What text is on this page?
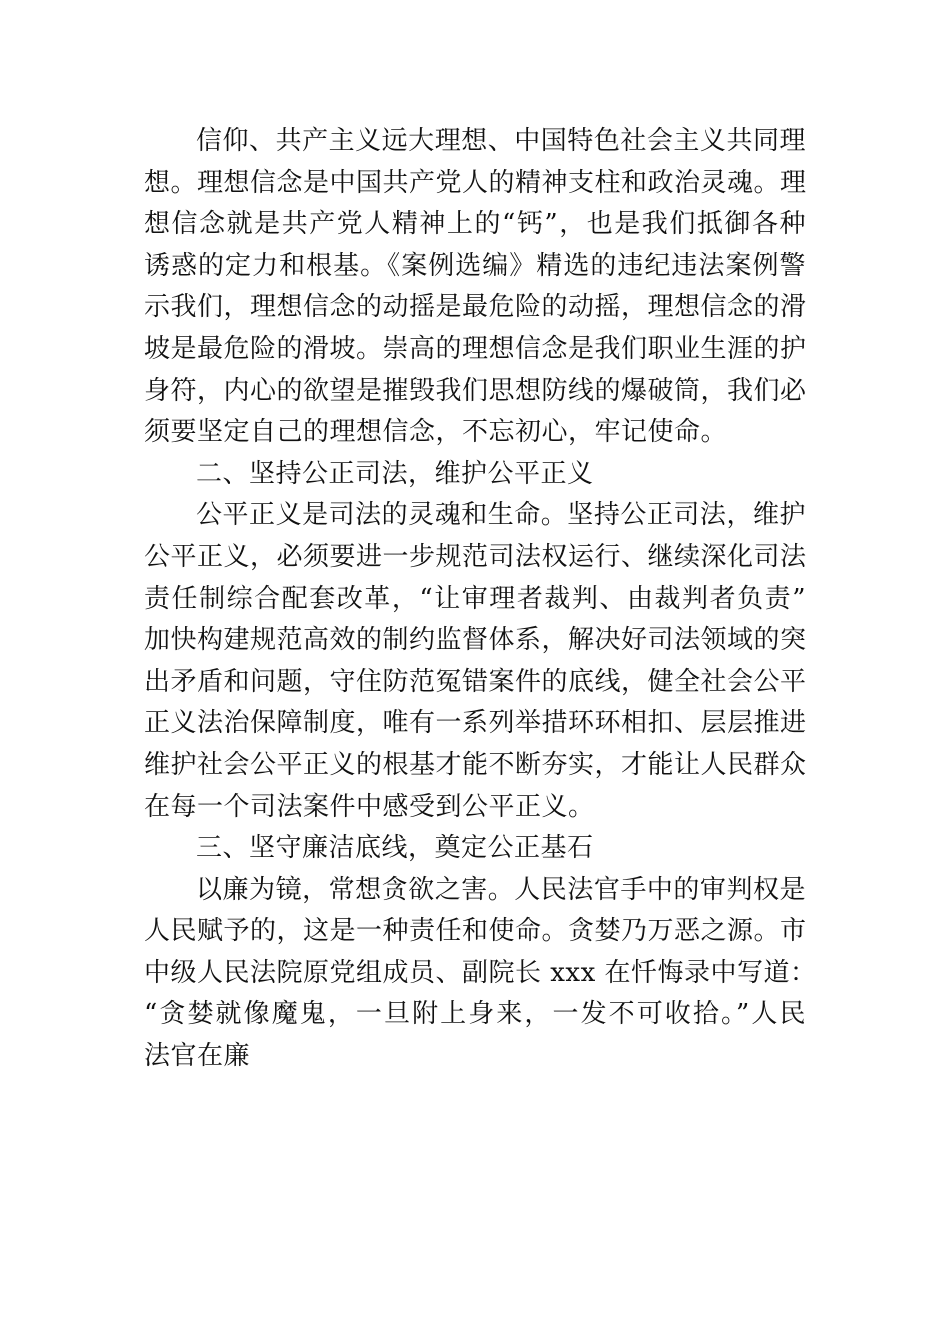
信仰、共产主义远大理想、中国特色社会主义共同理
想。理想信念是中国共产党人的精神支柱和政治灵魂。理
想信念就是共产党人精神上的“钙”，也是我们抵御各种
诱惑的定力和根基。《案例选编》精选的违纪违法案例警
示我们，理想信念的动摇是最危险的动摇，理想信念的滑
坡是最危险的滑坡。崇高的理想信念是我们职业生涯的护
身符，内心的欲望是摧毁我们思想防线的爆破筒，我们必
须要坚定自己的理想信念，不忘初心，牢记使命。
二、坚持公正司法，维护公平正义
公平正义是司法的灵魂和生命。坚持公正司法，维护
公平正义，必须要进一步规范司法权运行、继续深化司法
责任制综合配套改革，“让审理者裁判、由裁判者负责”
加快构建规范高效的制约监督体系，解决好司法领域的突
出矛盾和问题，守住防范冤错案件的底线，健全社会公平
正义法治保障制度，唯有一系列举措环环相扣、层层推进
维护社会公平正义的根基才能不断夯实，才能让人民群众
在每一个司法案件中感受到公平正义。
三、坚守廉洁底线，奠定公正基石
以廉为镜，常想贪欲之害。人民法官手中的审判权是
人民赋予的，这是一种责任和使命。贪婪乃万恶之源。市
中级人民法院原党组成员、副院长 xxx 在忏悔录中写道：
“贪婪就像魔鬼，一旦附上身来，一发不可收拾。”人民
法官在廉
